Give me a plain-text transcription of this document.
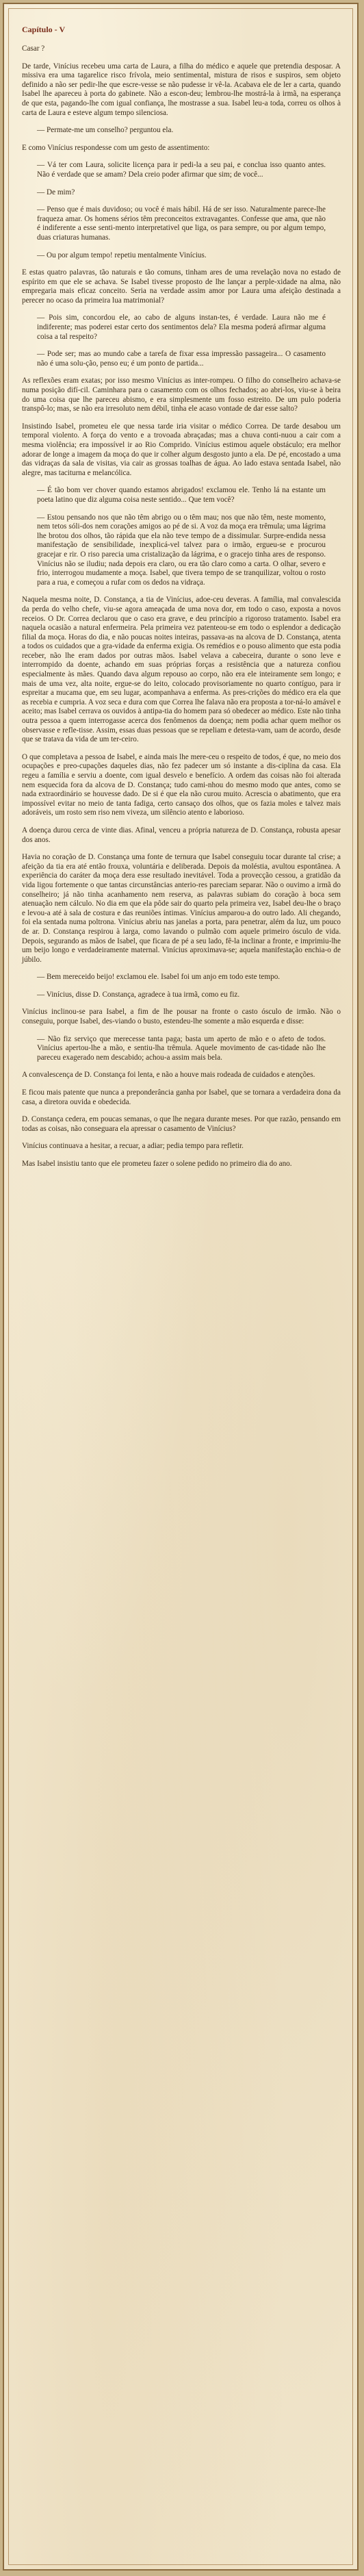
Capítulo - V

Casar ?

De tarde, Vinícius recebeu uma carta de Laura, a filha do médico e aquele que pretendia desposar. A missiva era uma tagarelice risco frívola, meio sentimental, mistura de risos e suspiros, sem objeto definido a não ser pedir-lhe que escre-vesse se não pudesse ir vê-la. Acabava ele de ler a carta, quando Isabel lhe apareceu à porta do gabinete. Não a escon-deu; lembrou-lhe mostrá-la à irmã, na esperança de que esta, pagando-lhe com igual confiança, lhe mostrasse a sua. Isabel leu-a toda, correu os olhos à carta de Laura e esteve algum tempo silenciosa.

— Permate-me um conselho? perguntou ela.

E como Vinícius respondesse com um gesto de assentimento:

— Vá ter com Laura, solicite licença para ir pedi-la a seu pai, e conclua isso quanto antes. Não é verdade que se amam? Dela creio poder afirmar que sim; de você...

— De mim?

— Penso que é mais duvidoso; ou você é mais hábil. Há de ser isso. Naturalmente parece-lhe fraqueza amar. Os homens sérios têm preconceitos extravagantes. Confesse que ama, que não é indiferente a esse senti-mento interpretativel que liga, os para sempre, ou por algum tempo, duas criaturas humanas.

— Ou por algum tempo! repetiu mentalmente Vinícius.

E estas quatro palavras, tão naturais e tão comuns, tinham ares de uma revelação nova no estado de espírito em que ele se achava. Se Isabel tivesse proposto de lhe lançar a perple-xidade na alma, não empregaria mais eficaz conceito. Seria na verdade assim amor por Laura uma afeição destinada a perecer no ocaso da primeira lua matrimonial?

— Pois sim, concordou ele, ao cabo de alguns instan-tes, é verdade. Laura não me é indiferente; mas poderei estar certo dos sentimentos dela? Ela mesma poderá afirmar alguma coisa a tal respeito?

— Pode ser; mas ao mundo cabe a tarefa de fixar essa impressão passageira... O casamento não é uma solu-ção, penso eu; é um ponto de partida...

As reflexões eram exatas; por isso mesmo Vinícius as inter-rompeu. O filho do conselheiro achava-se numa posição difí-cil. Caminhara para o casamento com os olhos fechados; ao abri-los, viu-se à beira do uma coisa que lhe pareceu abismo, e era simplesmente um fosso estreito. De um pulo poderia transpô-lo; mas, se não era irresoluto nem débil, tinha ele acaso vontade de dar esse salto?

Insistindo Isabel, prometeu ele que nessa tarde iria visitar o médico Correa. De tarde desabou um temporal violento. A força do vento e a trovoada abraçadas; mas a chuva conti-nuou a cair com a mesma violência; era impossível ir ao Rio Comprido. Vinícius estimou aquele obstáculo; era melhor adorar de longe a imagem da moça do que ir colher algum desgosto junto a ela. De pé, encostado a uma das vidraças da sala de visitas, via cair as grossas toalhas de água. Ao lado estava sentada Isabel, não alegre, mas taciturna e melancólica.

— É tão bom ver chover quando estamos abrigados! exclamou ele. Tenho lá na estante um poeta latino que diz alguma coisa neste sentido... Que tem você?

— Estou pensando nos que não têm abrigo ou o têm mau; nos que não têm, neste momento, nem tetos sóli-dos nem corações amigos ao pé de si. A voz da moça era trêmula; uma lágrima lhe brotou dos olhos, tão rápida que ela não teve tempo de a dissimular. Surpre-endida nessa manifestação de sensibilidade, inexplicá-vel talvez para o irmão, ergueu-se e procurou gracejar e rir. O riso parecia uma cristalização da lágrima, e o gracejo tinha ares de responso. Vinícius não se iludiu; nada depois era claro, ou era tão claro como a carta. O olhar, severo e frio, interrogou mudamente a moça. Isabel, que tivera tempo de se tranquilizar, voltou o rosto para a rua, e começou a rufar com os dedos na vidraça.

Naquela mesma noite, D. Constança, a tia de Vinícius, adoe-ceu deveras. A família, mal convalescida da perda do velho chefe, viu-se agora ameaçada de uma nova dor, em todo o caso, exposta a novos receios. O Dr. Correa declarou que o caso era grave, e deu princípio a rigoroso tratamento. Isabel era naquela ocasião a natural enfermeira. Pela primeira vez patenteou-se em todo o esplendor a dedicação filial da moça. Horas do dia, e não poucas noites inteiras, passava-as na alcova de D. Constança, atenta a todos os cuidados que a gra-vidade da enferma exigia. Os remédios e o pouso alimento que esta podia receber, não lhe eram dados por outras mãos. Isabel velava a cabeceira, durante o sono leve e interrompido da doente, achando em suas próprias forças a resistência que a natureza confiou especialmente às mães. Quando dava algum repouso ao corpo, não era ele inteiramente sem longo; e mais de uma vez, alta noite, ergue-se do leito, colocado provisoriamente no quarto contíguo, para ir espreitar a mucama que, em seu lugar, acompanhava a enferma. As pres-crições do médico era ela que as recebia e cumpria. A voz seca e dura com que Correa lhe falava não era proposta a tor-ná-lo amável e aceito; mas Isabel cerrava os ouvidos à antipa-tia do homem para só obedecer ao médico. Este não tinha outra pessoa a quem interrogasse acerca dos fenômenos da doença; nem podia achar quem melhor os observasse e refle-tisse. Assim, essas duas pessoas que se repeliam e detesta-vam, uam de acordo, desde que se tratava da vida de um ter-ceiro.

O que completava a pessoa de Isabel, e ainda mais lhe mere-ceu o respeito de todos, é que, no meio dos ocupações e preo-cupações daqueles dias, não fez padecer um só instante a dis-ciplina da casa. Ela regeu a família e serviu a doente, com igual desvelo e benefício. A ordem das coisas não foi alterada nem esquecida fora da alcova de D. Constança; tudo cami-nhou do mesmo modo que antes, como se nada extraordinário se houvesse dado. De si é que ela não curou muito. Acrescia o abatimento, que era impossível evitar no meio de tanta fadiga, certo cansaço dos olhos, que os fazia moles e talvez mais adoráveis, um rosto sem riso nem viveza, um silêncio atento e laborioso.

A doença durou cerca de vinte dias. Afinal, venceu a própria natureza de D. Constança, robusta apesar dos anos.

Havia no coração de D. Constança uma fonte de ternura que Isabel conseguiu tocar durante tal crise; a afeição da tia era até então frouxa, voluntária e deliberada. Depois da moléstia, avultou espontânea. A experiência do caráter da moça dera esse resultado inevitável. Toda a provecção cessou, a gratidão da vida ligou fortemente o que tantas circunstâncias anterio-res pareciam separar. Não o ouvimo a irmã do conselheiro; já não tinha acanhamento nem reserva, as palavras subiam do coração à boca sem atenuação nem cálculo. No dia em que ela pôde sair do quarto pela primeira vez, Isabel deu-lhe o braço e levou-a até à sala de costura e das reuniões íntimas. Vinícius amparou-a do outro lado. Ali chegando, foi ela sentada numa poltrona. Vinícius abriu nas janelas a porta, para penetrar, além da luz, um pouco de ar. D. Constança respirou à larga, como lavando o pulmão com aquele primeiro ósculo de vida. Depois, segurando as mãos de Isabel, que ficara de pé a seu lado, fê-la inclinar a fronte, e imprimiu-lhe um beijo longo e verdadeiramente maternal. Vinícius aproximava-se; aquela manifestação enchia-o de júbilo.

— Bem mereceido beijo! exclamou ele. Isabel foi um anjo em todo este tempo.

— Vinícius, disse D. Constança, agradece à tua irmã, como eu fiz.

Vinícius inclinou-se para Isabel, a fim de lhe pousar na fronte o casto ósculo de irmão. Não o conseguiu, porque Isabel, des-viando o busto, estendeu-lhe somente a mão esquerda e disse:

— Não fiz serviço que merecesse tanta paga; basta um aperto de mão e o afeto de todos. Vinícius apertou-lhe a mão, e sentiu-lha trêmula. Aquele movimento de cas-tidade não lhe pareceu exagerado nem descabido; achou-a assim mais bela.

A convalescença de D. Constança foi lenta, e não a houve mais rodeada de cuidados e atenções.

E ficou mais patente que nunca a preponderância ganha por Isabel, que se tornara a verdadeira dona da casa, a diretora ouvida e obedecida.

D. Constança cedera, em poucas semanas, o que lhe negara durante meses. Por que razão, pensando em todas as coisas, não conseguara ela apressar o casamento de Vinícius?

Vinícius continuava a hesitar, a recuar, a adiar; pedia tempo para refletir.

Mas Isabel insistiu tanto que ele prometeu fazer o solene pedido no primeiro dia do ano.
